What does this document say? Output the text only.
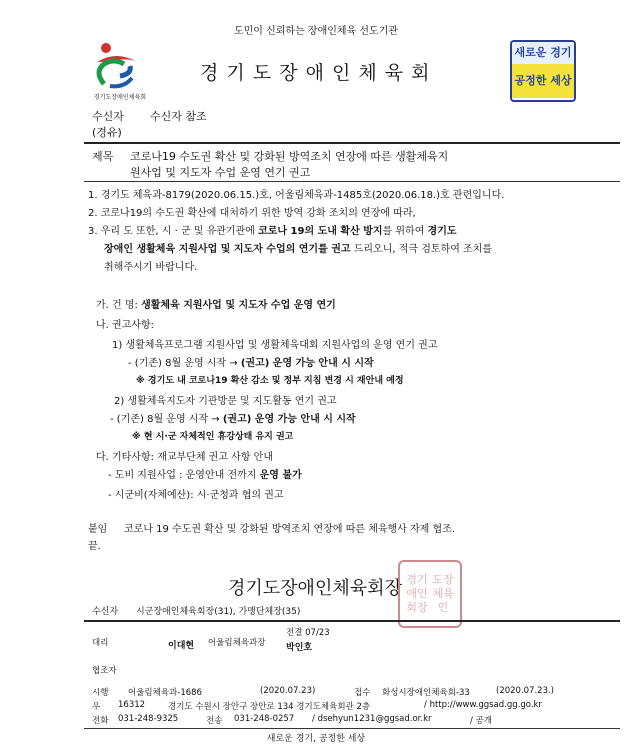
도민이 신뢰하는 장애인체육 선도기관
경기도장애인체육회
경 기 도 장 애 인 체 육 회
새로운 경기
공정한 세상
수신자 수신자 참조
(경유)
제목 코로나19 수도권 확산 및 강화된 방역조치 연장에 따른 생활체육지
원사업 및 지도자 수업 운영 연기 권고
1. 경기도 체육과-8179(2020.06.15.)호, 어울림체육과-1485호(2020.06.18.)호 관련입니다.
2. 코로나19의 수도권 확산에 대처하기 위한 방역 강화 조치의 연장에 따라,
3. 우리 도 또한, 시 · 군 및 유관기관에 코로나 19의 도내 확산 방지를 위하여 경기도
장애인 생활체육 지원사업 및 지도자 수업의 연기를 권고 드리오니, 적극 검토하여 조치를
취해주시기 바랍니다.
가. 건 명: 생활체육 지원사업 및 지도자 수업 운영 연기
나. 권고사항:
1) 생활체육프로그램 지원사업 및 생활체육대회 지원사업의 운영 연기 권고
- (기존) 8월 운영 시작 → (권고) 운영 가능 안내 시 시작
※ 경기도 내 코로나19 확산 감소 및 정부 지침 변경 시 재안내 예정
2) 생활체육지도자 기관방문 및 지도활동 연기 권고
- (기존) 8월 운영 시작 → (권고) 운영 가능 안내 시 시작
※ 현 시·군 자체적인 휴강상태 유지 권고
다. 기타사항: 재교부단체 권고 사항 안내
- 도비 지원사업 : 운영안내 전까지 운영 불가
- 시군비(자체예산): 시·군청과 협의 권고
붙임 코로나 19 수도권 확산 및 강화된 방역조치 연장에 따른 체육행사 자제 협조.
끝.
경기도장애인체육회장 경기 도장
애인 체육
회장 인
수신자 시군장애인체육회장(31), 가맹단체장(35)
대리	이대현 어울림체육과장
전결 07/23
박인호
협조자
시행 어울림체육과-1686	(2020.07.23)	접수 화성시장애인체육회-33	(2020.07.23.)
우 16312	경기도 수원시 장안구 장안로 134 경기도체육회관 2층	/ http://www.ggsad.gg.go.kr
전화 031-248-9325	전송 031-248-0257 / dsehyun1231@ggsad.or.kr	/ 공개
새로운 경기, 공정한 세상
